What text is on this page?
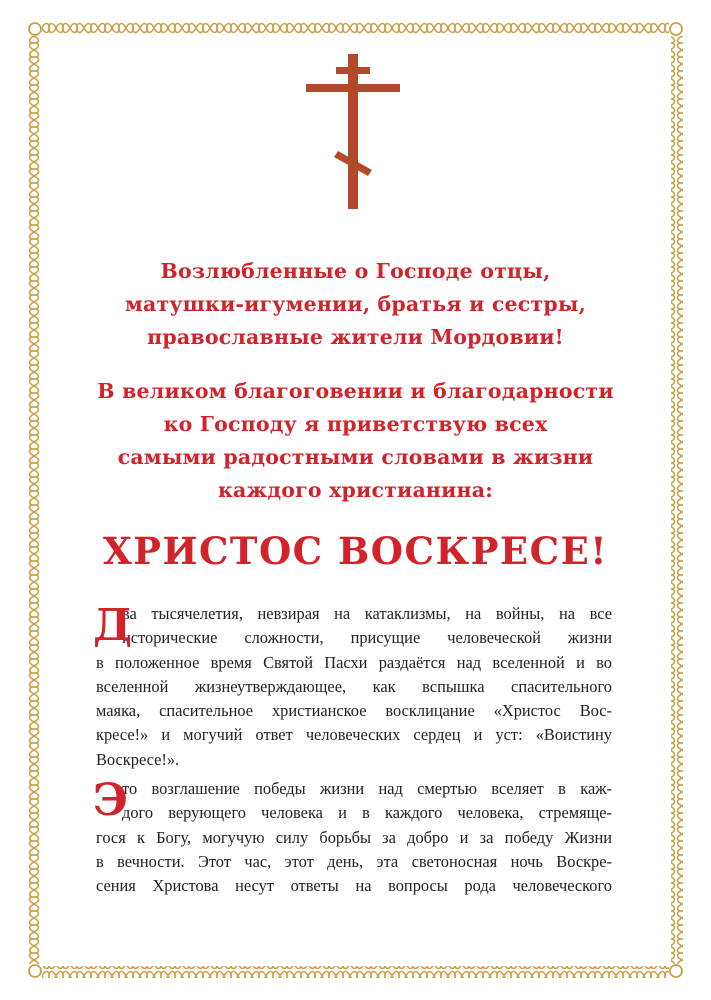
Возлюбленные о Господе отцы,
матушки-игумении, братья и сестры,
православные жители Мордовии!
В великом благоговении и благодарности
ко Господу я приветствую всех
самыми радостными словами в жизни
каждого христианина:
ХРИСТОС ВОСКРЕСЕ!
Д
ва тысячелетия, невзирая на катаклизмы, на войны, на все
исторические сложности, присущие человеческой жизни
в положенное время Святой Пасхи раздаётся над вселенной и во
вселенной жизнеутверждающее, как вспышка спасительного
маяка, спасительное христианское восклицание «Христос Вос-
кресе!» и могучий ответ человеческих сердец и уст: «Воистину
Воскресе!».
Э
то возглашение победы жизни над смертью вселяет в каж-
дого верующего человека и в каждого человека, стремяще-
гося к Богу, могучую силу борьбы за добро и за победу Жизни
в вечности. Этот час, этот день, эта светоносная ночь Воскре-
сения Христова несут ответы на вопросы рода человеческого
